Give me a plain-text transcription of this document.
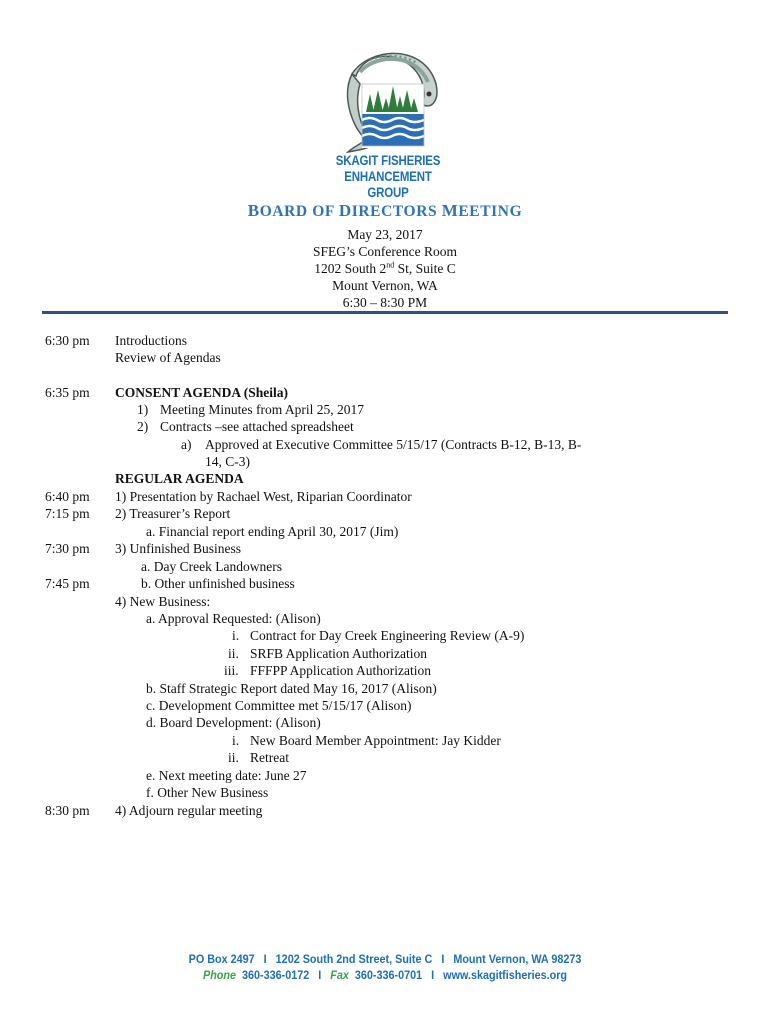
SKAGIT FISHERIES
ENHANCEMENT GROUP
BOARD OF DIRECTORS MEETING
May 23, 2017
SFEG’s Conference Room
1202 South 2nd St, Suite C
Mount Vernon, WA
6:30 – 8:30 PM
6:30 pm Introductions
Review of Agendas
6:35 pm CONSENT AGENDA (Sheila)
1) Meeting Minutes from April 25, 2017
2) Contracts –see attached spreadsheet
a) Approved at Executive Committee 5/15/17 (Contracts B-12, B-13, B-
14, C-3)
REGULAR AGENDA
6:40 pm 1) Presentation by Rachael West, Riparian Coordinator
7:15 pm 2) Treasurer’s Report
a. Financial report ending April 30, 2017 (Jim)
7:30 pm 3) Unfinished Business
a. Day Creek Landowners
7:45 pm	b. Other unfinished business
4) New Business:
a. Approval Requested: (Alison)
i. Contract for Day Creek Engineering Review (A-9)
ii. SRFB Application Authorization
iii. FFFPP Application Authorization
b. Staff Strategic Report dated May 16, 2017 (Alison)
c. Development Committee met 5/15/17 (Alison)
d. Board Development: (Alison)
i. New Board Member Appointment: Jay Kidder
ii. Retreat
e. Next meeting date: June 27
f. Other New Business
8:30 pm 4) Adjourn regular meeting
PO Box 2497 I 1202 South 2nd Street, Suite C I Mount Vernon, WA 98273
Phone 360-336-0172 I Fax 360-336-0701 I www.skagitfisheries.org
